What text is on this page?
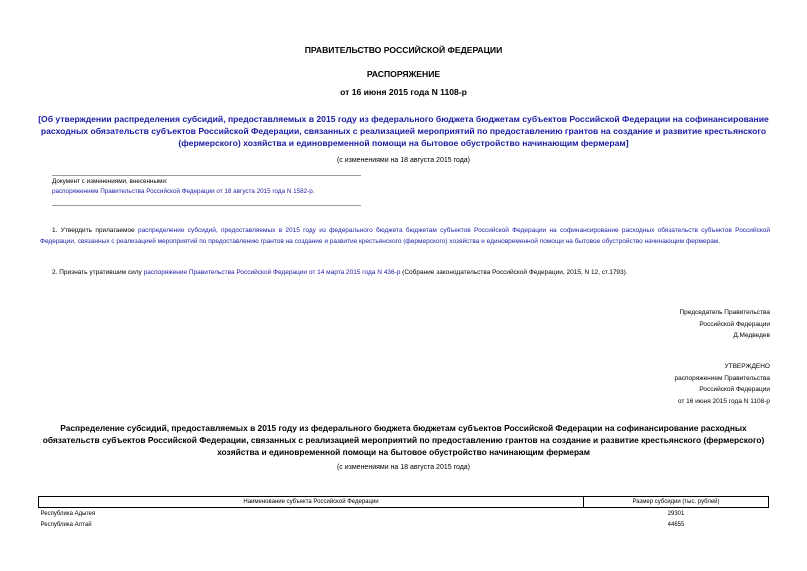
ПРАВИТЕЛЬСТВО РОССИЙСКОЙ ФЕДЕРАЦИИ
РАСПОРЯЖЕНИЕ
от 16 июня 2015 года N 1108-р
[Об утверждении распределения субсидий, предоставляемых в 2015 году из федерального бюджета бюджетам субъектов Российской Федерации на софинансирование расходных обязательств субъектов Российской Федерации, связанных с реализацией мероприятий по предоставлению грантов на создание и развитие крестьянского (фермерского) хозяйства и единовременной помощи на бытовое обустройство начинающим фермерам]
(с изменениями на 18 августа 2015 года)
Документ с изменениями, внесенными:
распоряжением Правительства Российской Федерации от 18 августа 2015 года N 1582-р.
1. Утвердить прилагаемое распределение субсидий, предоставляемых в 2015 году из федерального бюджета бюджетам субъектов Российской Федерации на софинансирование расходных обязательств субъектов Российской Федерации, связанных с реализацией мероприятий по предоставлению грантов на создание и развитие крестьянского (фермерского) хозяйства и единовременной помощи на бытовое обустройство начинающим фермерам.
2. Признать утратившим силу распоряжение Правительства Российской Федерации от 14 марта 2015 года N 436-р (Собрание законодательства Российской Федерации, 2015, N 12, ст.1793).
Председатель Правительства
Российской Федерации
Д.Медведев
УТВЕРЖДЕНО
распоряжением Правительства
Российской Федерации
от 16 июня 2015 года N 1108-р
Распределение субсидий, предоставляемых в 2015 году из федерального бюджета бюджетам субъектов Российской Федерации на софинансирование расходных обязательств субъектов Российской Федерации, связанных с реализацией мероприятий по предоставлению грантов на создание и развитие крестьянского (фермерского) хозяйства и единовременной помощи на бытовое обустройство начинающим фермерам
(с изменениями на 18 августа 2015 года)
Наименование субъекта Российской Федерации	Размер субсидии (тыс. рублей)
Республика Адыгея	29301
Республика Алтай	44655
